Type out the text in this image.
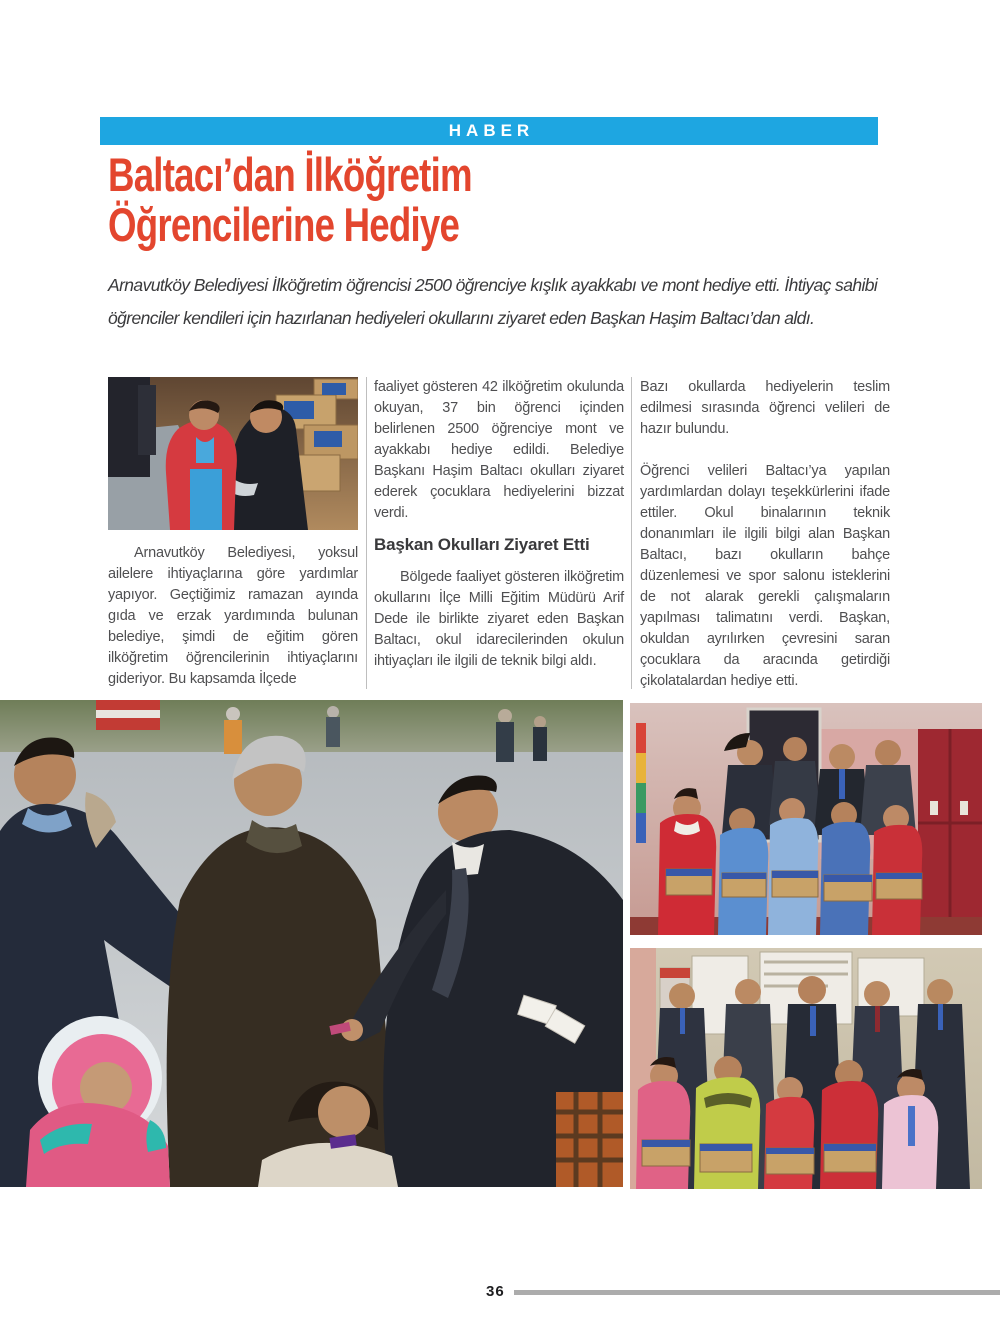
HABER
Baltacı’dan İlköğretim
Öğrencilerine Hediye

Arnavutköy Belediyesi İlköğretim öğrencisi 2500 öğrenciye kışlık ayakkabı ve mont hediye etti. İhtiyaç sahibi öğrenciler kendileri için hazırlanan hediyeleri okullarını ziyaret eden Başkan Haşim Baltacı’dan aldı.

Arnavutköy Belediyesi, yoksul ailelere ihtiyaçlarına göre yardımlar yapıyor. Geçtiğimiz ramazan ayında gıda ve erzak yardımında bulunan belediye, şimdi de eğitim gören ilköğretim öğrencilerinin ihtiyaçlarını gideriyor. Bu kapsamda İlçede

faaliyet gösteren 42 ilköğretim okulunda okuyan, 37 bin öğrenci içinden belirlenen 2500 öğrenciye mont ve ayakkabı hediye edildi. Belediye Başkanı Haşim Baltacı okulları ziyaret ederek çocuklara hediyelerini bizzat verdi.

Başkan Okulları Ziyaret Etti

Bölgede faaliyet gösteren ilköğretim okullarını İlçe Milli Eğitim Müdürü Arif Dede ile birlikte ziyaret eden Başkan Baltacı, okul idarecilerinden okulun ihtiyaçları ile ilgili de teknik bilgi aldı.

Bazı okullarda hediyelerin teslim edilmesi sırasında öğrenci velileri de hazır bulundu.

Öğrenci velileri Baltacı’ya yapılan yardımlardan dolayı teşekkürlerini ifade ettiler. Okul binalarının teknik donanımları ile ilgili bilgi alan Başkan Baltacı, bazı okulların bahçe düzenlemesi ve spor salonu isteklerini de not alarak gerekli çalışmaların yapılması talimatını verdi. Başkan, okuldan ayrılırken çevresini saran çocuklara da aracında getirdiği çikolatalardan hediye etti.

36
